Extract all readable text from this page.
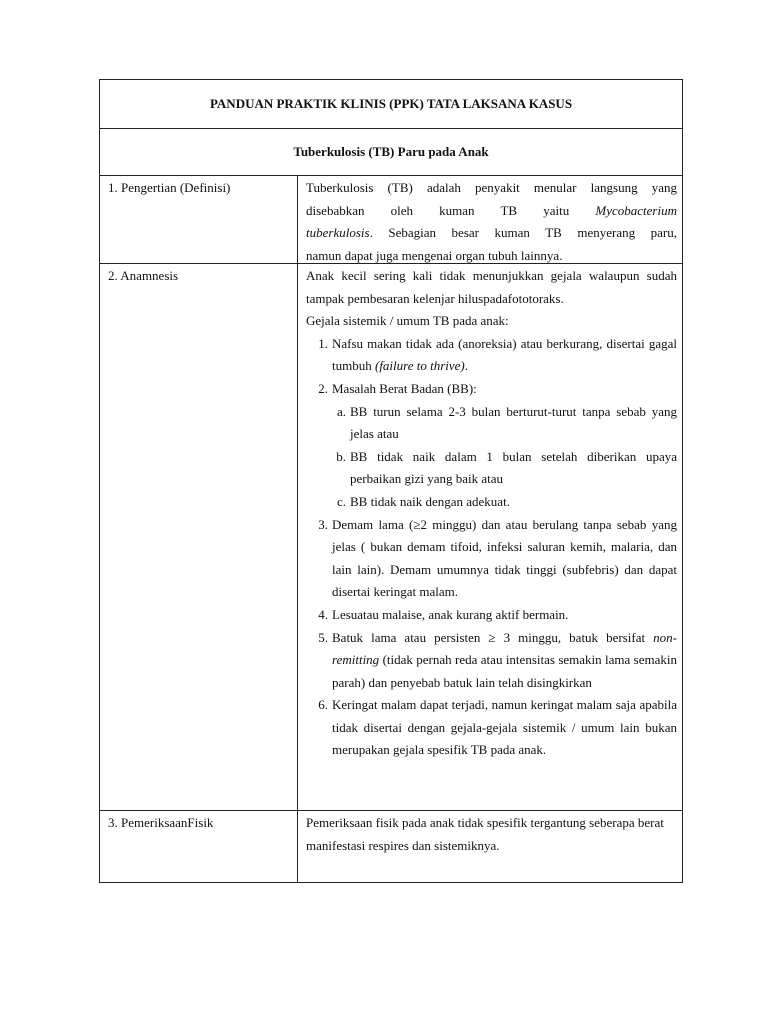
PANDUAN PRAKTIK KLINIS (PPK) TATA LAKSANA KASUS
Tuberkulosis (TB) Paru pada Anak
1. Pengertian (Definisi)	Tuberkulosis (TB) adalah penyakit menular langsung yang
disebabkan oleh kuman TB yaitu Mycobacterium
tuberkulosis. Sebagian besar kuman TB menyerang paru,
namun dapat juga mengenai organ tubuh lainnya.
2. Anamnesis	Anak kecil sering kali tidak menunjukkan gejala walaupun sudah tampak pembesaran kelenjar hiluspadafototoraks.
Gejala sistemik / umum TB pada anak:
1. Nafsu makan tidak ada (anoreksia) atau berkurang, disertai gagal tumbuh (failure to thrive).
2. Masalah Berat Badan (BB):
a. BB turun selama 2-3 bulan berturut-turut tanpa sebab yang jelas atau
b. BB tidak naik dalam 1 bulan setelah diberikan upaya perbaikan gizi yang baik atau
c. BB tidak naik dengan adekuat.
3. Demam lama (≥2 minggu) dan atau berulang tanpa sebab yang jelas ( bukan demam tifoid, infeksi saluran kemih, malaria, dan lain lain). Demam umumnya tidak tinggi (subfebris) dan dapat disertai keringat malam.
4. Lesuatau malaise, anak kurang aktif bermain.
5. Batuk lama atau persisten ≥ 3 minggu, batuk bersifat non-remitting (tidak pernah reda atau intensitas semakin lama semakin parah) dan penyebab batuk lain telah disingkirkan
6. Keringat malam dapat terjadi, namun keringat malam saja apabila tidak disertai dengan gejala-gejala sistemik / umum lain bukan merupakan gejala spesifik TB pada anak.
3. PemeriksaanFisik	Pemeriksaan fisik pada anak tidak spesifik tergantung seberapa berat manifestasi respires dan sistemiknya.
